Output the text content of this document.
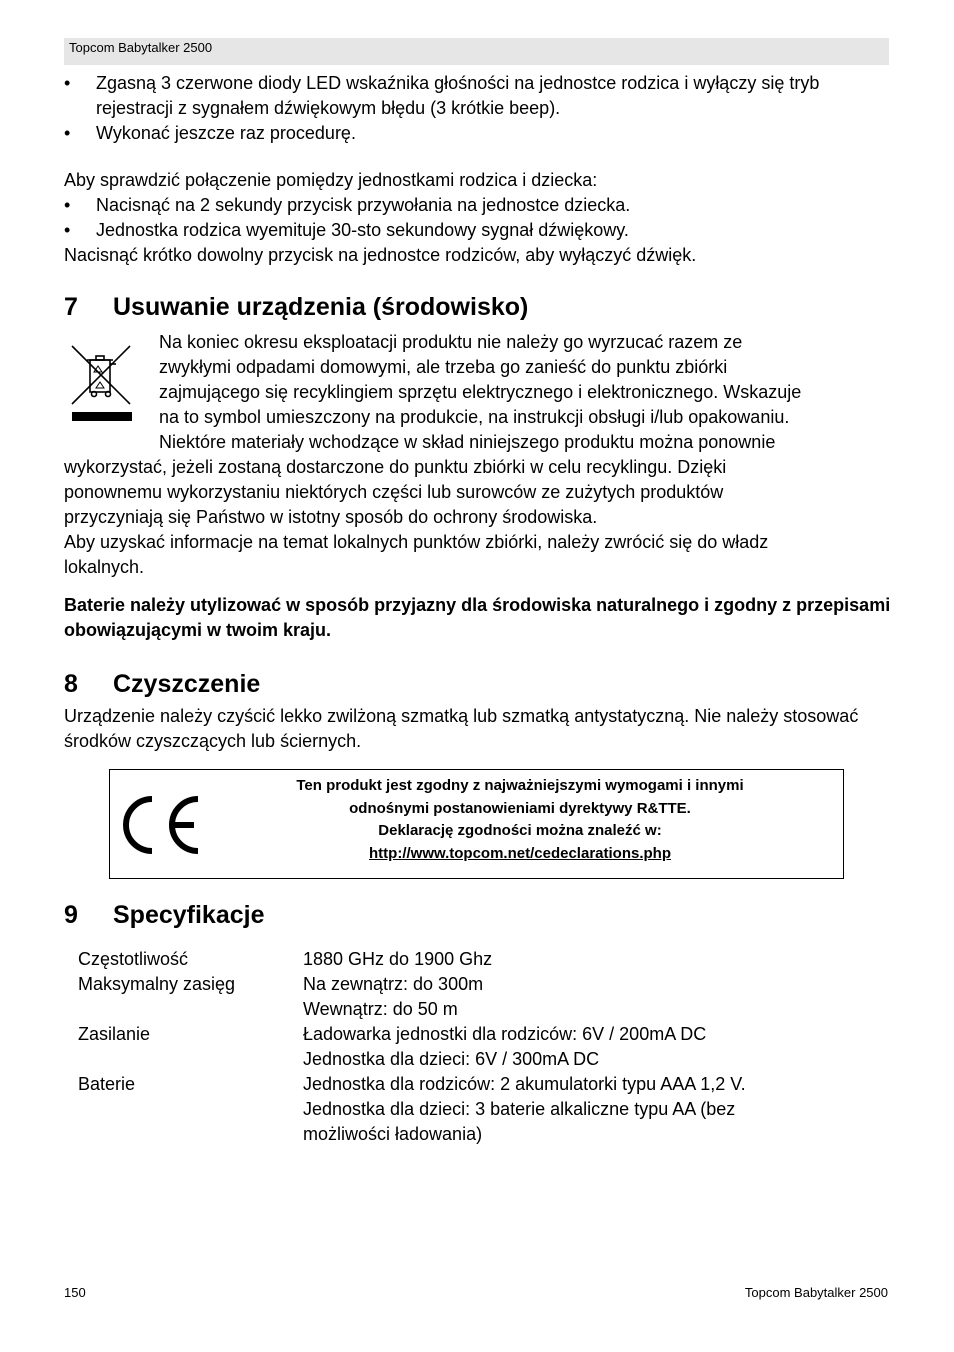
Topcom Babytalker 2500
• Zgasną 3 czerwone diody LED wskaźnika głośności na jednostce rodzica i wyłączy się tryb rejestracji z sygnałem dźwiękowym błędu (3 krótkie beep).
• Wykonać jeszcze raz procedurę.

Aby sprawdzić połączenie pomiędzy jednostkami rodzica i dziecka:

• Nacisnąć na 2 sekundy przycisk przywołania na jednostce dziecka.
• Jednostka rodzica wyemituje 30-sto sekundowy sygnał dźwiękowy.

Nacisnąć krótko dowolny przycisk na jednostce rodziców, aby wyłączyć dźwięk.

7 Usuwanie urządzenia (środowisko)
Na koniec okresu eksploatacji produktu nie należy go wyrzucać razem ze
zwykłymi odpadami domowymi, ale trzeba go zanieść do punktu zbiórki
zajmującego się recyklingiem sprzętu elektrycznego i elektronicznego. Wskazuje
na to symbol umieszczony na produkcie, na instrukcji obsługi i/lub opakowaniu.
Niektóre materiały wchodzące w skład niniejszego produktu można ponownie
wykorzystać, jeżeli zostaną dostarczone do punktu zbiórki w celu recyklingu. Dzięki
ponownemu wykorzystaniu niektórych części lub surowców ze zużytych produktów
przyczyniają się Państwo w istotny sposób do ochrony środowiska.
Aby uzyskać informacje na temat lokalnych punktów zbiórki, należy zwrócić się do władz
lokalnych.
Baterie należy utylizować w sposób przyjazny dla środowiska naturalnego i zgodny z przepisami obowiązującymi w twoim kraju.
8 Czyszczenie
Urządzenie należy czyścić lekko zwilżoną szmatką lub szmatką antystatyczną. Nie należy stosować środków czyszczących lub ściernych.
Ten produkt jest zgodny z najważniejszymi wymogami i innymi
odnośnymi postanowieniami dyrektywy R&TTE.
Deklarację zgodności można znaleźć w:
http://www.topcom.net/cedeclarations.php
9 Specyfikacje
Częstotliwość	1880 GHz do 1900 Ghz
Maksymalny zasięg	Na zewnątrz: do 300m
	Wewnątrz: do 50 m
Zasilanie	Ładowarka jednostki dla rodziców: 6V / 200mA DC
	Jednostka dla dzieci: 6V / 300mA DC
Baterie	Jednostka dla rodziców: 2 akumulatorki typu AAA 1,2 V.
	Jednostka dla dzieci: 3 baterie alkaliczne typu AA (bez
	możliwości ładowania)
150	Topcom Babytalker 2500
